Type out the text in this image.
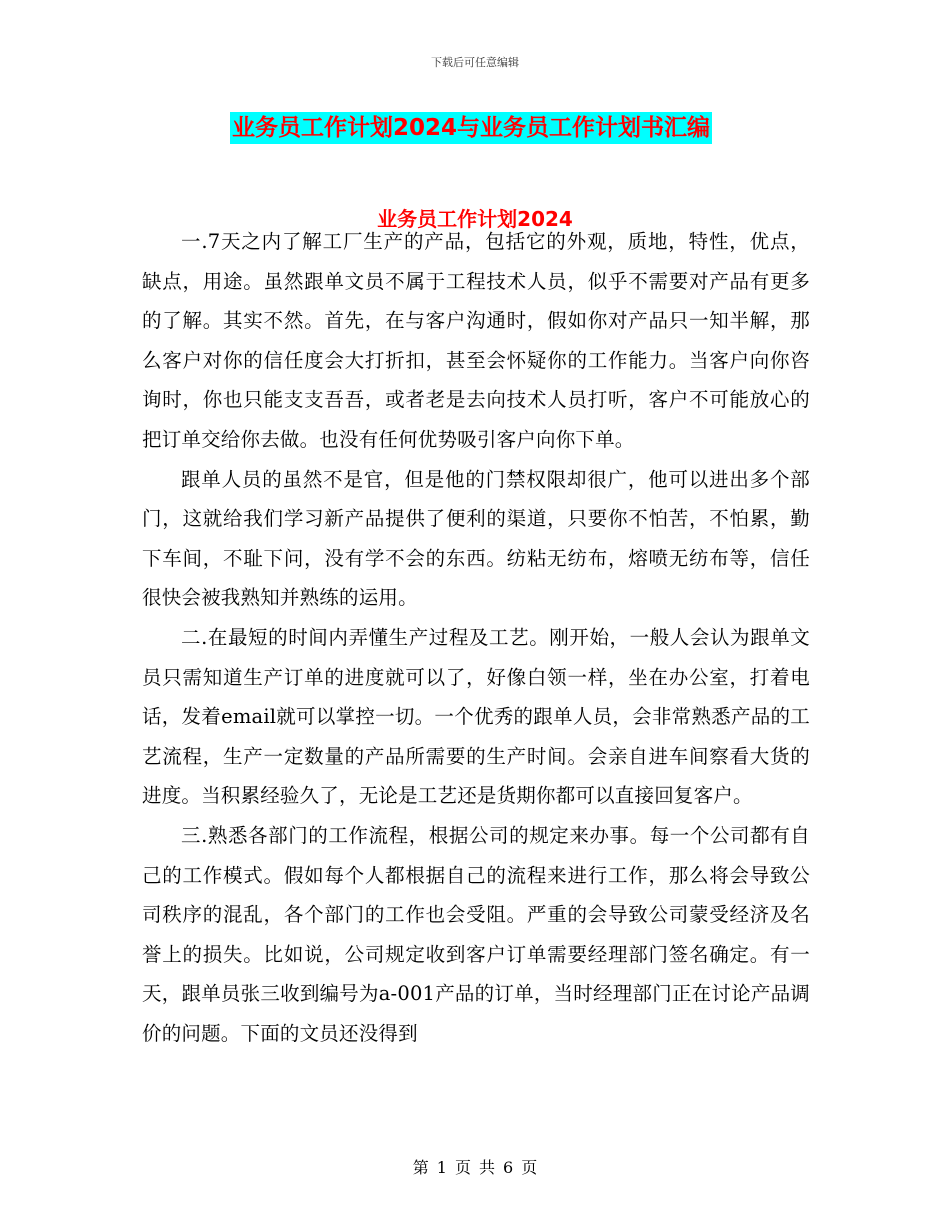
下载后可任意编辑
业务员工作计划2024与业务员工作计划书汇编
业务员工作计划2024

一.7天之内了解工厂生产的产品，包括它的外观，质地，特性，优点，缺点，用途。虽然跟单文员不属于工程技术人员，似乎不需要对产品有更多的了解。其实不然。首先，在与客户沟通时，假如你对产品只一知半解，那么客户对你的信任度会大打折扣，甚至会怀疑你的工作能力。当客户向你咨询时，你也只能支支吾吾，或者老是去向技术人员打听，客户不可能放心的把订单交给你去做。也没有任何优势吸引客户向你下单。

跟单人员的虽然不是官，但是他的门禁权限却很广，他可以进出多个部门，这就给我们学习新产品提供了便利的渠道，只要你不怕苦，不怕累，勤下车间，不耻下问，没有学不会的东西。纺粘无纺布，熔喷无纺布等，信任很快会被我熟知并熟练的运用。

二.在最短的时间内弄懂生产过程及工艺。刚开始，一般人会认为跟单文员只需知道生产订单的进度就可以了，好像白领一样，坐在办公室，打着电话，发着email就可以掌控一切。一个优秀的跟单人员，会非常熟悉产品的工艺流程，生产一定数量的产品所需要的生产时间。会亲自进车间察看大货的进度。当积累经验久了，无论是工艺还是货期你都可以直接回复客户。

三.熟悉各部门的工作流程，根据公司的规定来办事。每一个公司都有自己的工作模式。假如每个人都根据自己的流程来进行工作，那么将会导致公司秩序的混乱，各个部门的工作也会受阻。严重的会导致公司蒙受经济及名誉上的损失。比如说，公司规定收到客户订单需要经理部门签名确定。有一天，跟单员张三收到编号为a-001产品的订单，当时经理部门正在讨论产品调价的问题。下面的文员还没得到

第 1 页 共 6 页
